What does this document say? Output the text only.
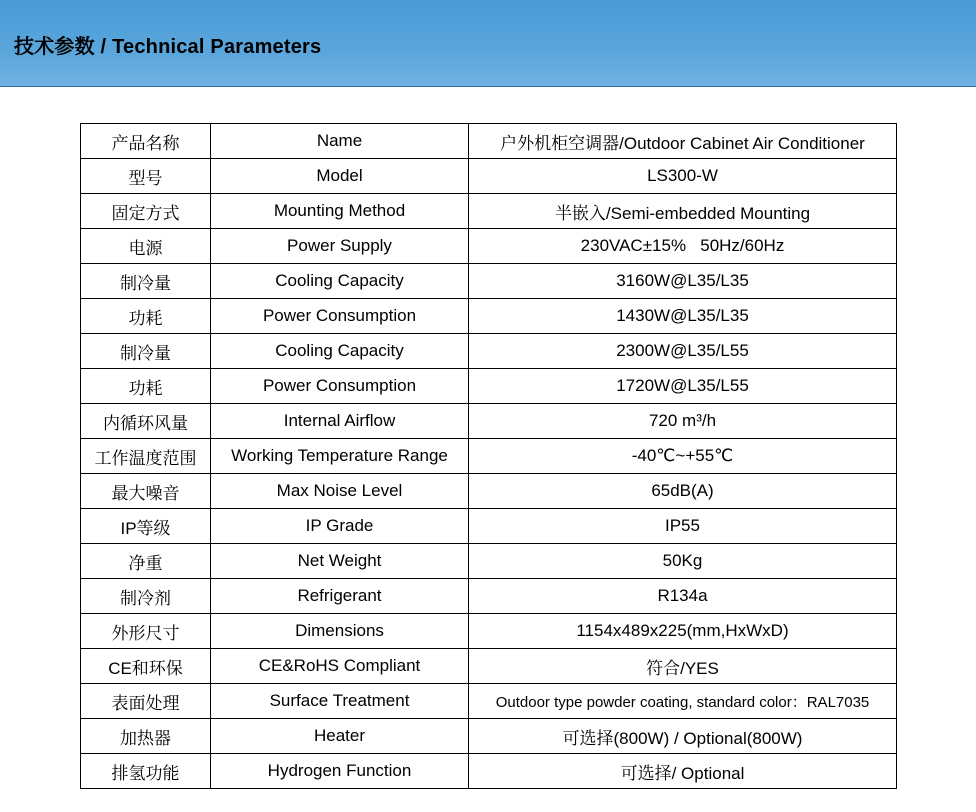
技术参数 / Technical Parameters
产品名称	Name	户外机柜空调器/Outdoor Cabinet Air Conditioner
型号	Model	LS300-W
固定方式	Mounting Method	半嵌入/Semi-embedded Mounting
电源	Power Supply	230VAC±15%   50Hz/60Hz
制冷量	Cooling Capacity	3160W@L35/L35
功耗	Power Consumption	1430W@L35/L35
制冷量	Cooling Capacity	2300W@L35/L55
功耗	Power Consumption	1720W@L35/L55
内循环风量	Internal Airflow	720 m³/h
工作温度范围	Working Temperature Range	-40℃~+55℃
最大噪音	Max Noise Level	65dB(A)
IP等级	IP Grade	IP55
净重	Net Weight	50Kg
制冷剂	Refrigerant	R134a
外形尺寸	Dimensions	1154x489x225(mm,HxWxD)
CE和环保	CE&RoHS Compliant	符合/YES
表面处理	Surface Treatment	Outdoor type powder coating, standard color：RAL7035
加热器	Heater	可选择(800W) / Optional(800W)
排氢功能	Hydrogen Function	可选择/ Optional
